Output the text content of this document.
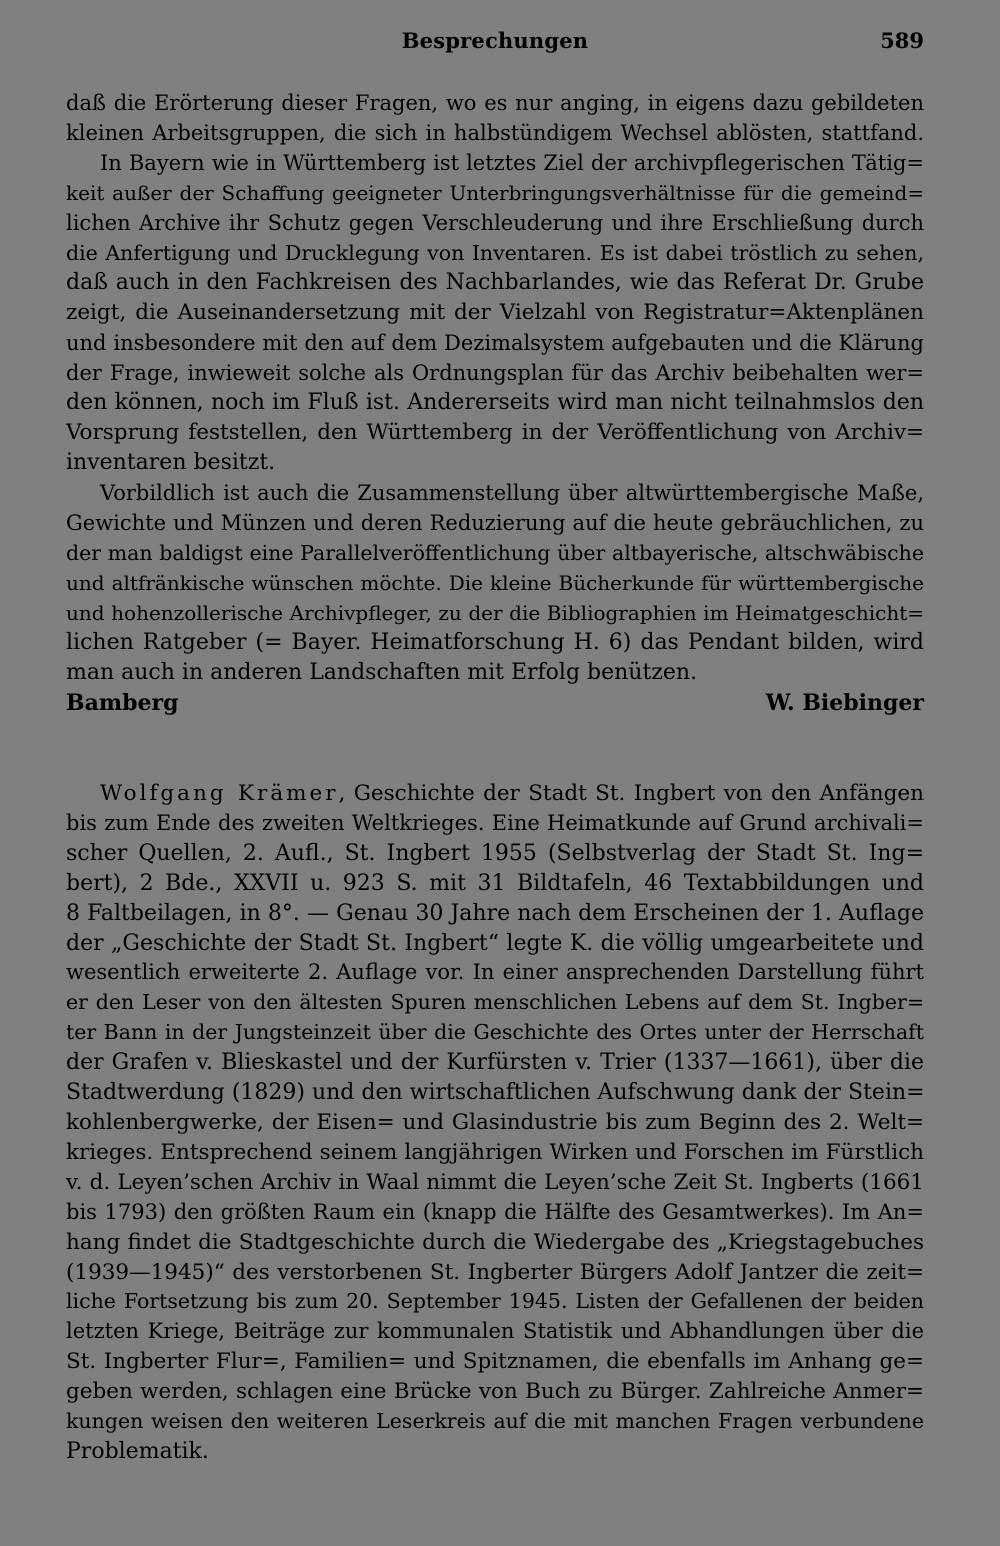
Besprechungen	589
daß die Erörterung dieser Fragen, wo es nur anging, in eigens dazu gebildeten
kleinen Arbeitsgruppen, die sich in halbstündigem Wechsel ablösten, stattfand.
In Bayern wie in Württemberg ist letztes Ziel der archivpflegerischen Tätig=
keit außer der Schaffung geeigneter Unterbringungsverhältnisse für die gemeind=
lichen Archive ihr Schutz gegen Verschleuderung und ihre Erschließung durch
die Anfertigung und Drucklegung von Inventaren. Es ist dabei tröstlich zu sehen,
daß auch in den Fachkreisen des Nachbarlandes, wie das Referat Dr. Grube
zeigt, die Auseinandersetzung mit der Vielzahl von Registratur=Aktenplänen
und insbesondere mit den auf dem Dezimalsystem aufgebauten und die Klärung
der Frage, inwieweit solche als Ordnungsplan für das Archiv beibehalten wer=
den können, noch im Fluß ist. Andererseits wird man nicht teilnahmslos den
Vorsprung feststellen, den Württemberg in der Veröffentlichung von Archiv=
inventaren besitzt.
Vorbildlich ist auch die Zusammenstellung über altwürttembergische Maße,
Gewichte und Münzen und deren Reduzierung auf die heute gebräuchlichen, zu
der man baldigst eine Parallelveröffentlichung über altbayerische, altschwäbische
und altfränkische wünschen möchte. Die kleine Bücherkunde für württembergische
und hohenzollerische Archivpfleger, zu der die Bibliographien im Heimatgeschicht=
lichen Ratgeber (= Bayer. Heimatforschung H. 6) das Pendant bilden, wird
man auch in anderen Landschaften mit Erfolg benützen.
Bamberg	W. Biebinger
Wolfgang Krämer, Geschichte der Stadt St. Ingbert von den Anfängen
bis zum Ende des zweiten Weltkrieges. Eine Heimatkunde auf Grund archivali=
scher Quellen, 2. Aufl., St. Ingbert 1955 (Selbstverlag der Stadt St. Ing=
bert), 2 Bde., XXVII u. 923 S. mit 31 Bildtafeln, 46 Textabbildungen und
8 Faltbeilagen, in 8°. — Genau 30 Jahre nach dem Erscheinen der 1. Auflage
der „Geschichte der Stadt St. Ingbert“ legte K. die völlig umgearbeitete und
wesentlich erweiterte 2. Auflage vor. In einer ansprechenden Darstellung führt
er den Leser von den ältesten Spuren menschlichen Lebens auf dem St. Ingber=
ter Bann in der Jungsteinzeit über die Geschichte des Ortes unter der Herrschaft
der Grafen v. Blieskastel und der Kurfürsten v. Trier (1337—1661), über die
Stadtwerdung (1829) und den wirtschaftlichen Aufschwung dank der Stein=
kohlenbergwerke, der Eisen= und Glasindustrie bis zum Beginn des 2. Welt=
krieges. Entsprechend seinem langjährigen Wirken und Forschen im Fürstlich
v. d. Leyen’schen Archiv in Waal nimmt die Leyen’sche Zeit St. Ingberts (1661
bis 1793) den größten Raum ein (knapp die Hälfte des Gesamtwerkes). Im An=
hang findet die Stadtgeschichte durch die Wiedergabe des „Kriegstagebuches
(1939—1945)“ des verstorbenen St. Ingberter Bürgers Adolf Jantzer die zeit=
liche Fortsetzung bis zum 20. September 1945. Listen der Gefallenen der beiden
letzten Kriege, Beiträge zur kommunalen Statistik und Abhandlungen über die
St. Ingberter Flur=, Familien= und Spitznamen, die ebenfalls im Anhang ge=
geben werden, schlagen eine Brücke von Buch zu Bürger. Zahlreiche Anmer=
kungen weisen den weiteren Leserkreis auf die mit manchen Fragen verbundene
Problematik.
